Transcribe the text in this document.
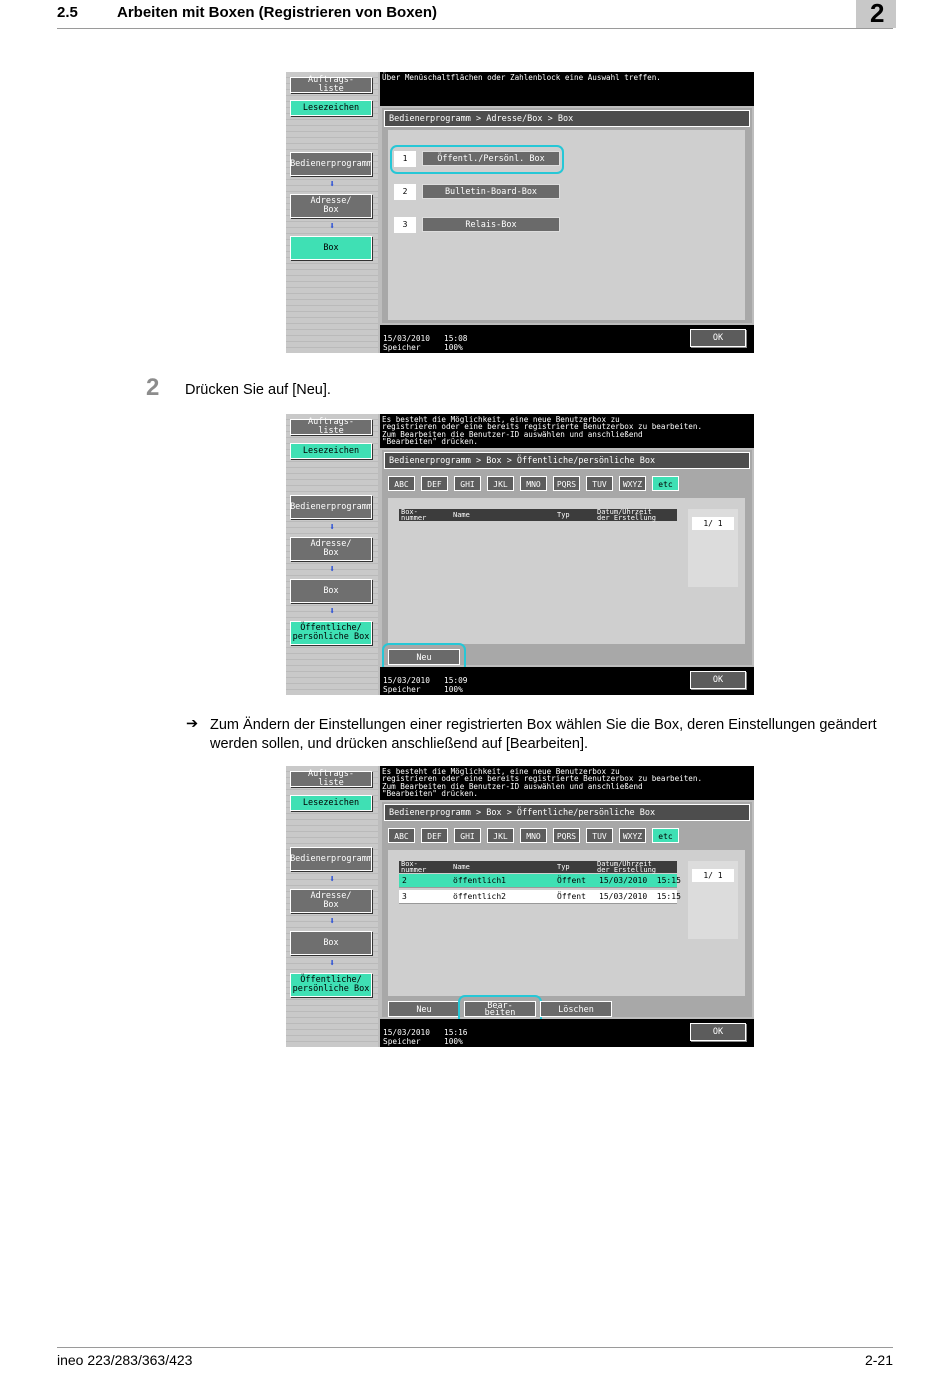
2.5	Arbeiten mit Boxen (Registrieren von Boxen)	2
Auftrags-
liste
Lesezeichen
Bedienerprogramm
⬇
Adresse/
Box
⬇
Box
Über Menüschaltflächen oder Zahlenblock eine Auswahl treffen.
Bedienerprogramm > Adresse/Box > Box
1	Öffentl./Persönl. Box
2	Bulletin-Board-Box
3	Relais-Box
15/03/2010 15:08
Speicher	100%
OK
2 Drücken Sie auf [Neu].
Auftrags-
liste
Lesezeichen
Bedienerprogramm
⬇
Adresse/
Box
⬇
Box
⬇
Öffentliche/
persönliche Box
Es besteht die Möglichkeit, eine neue Benutzerbox zu
registrieren oder eine bereits registrierte Benutzerbox zu bearbeiten.
Zum Bearbeiten die Benutzer-ID auswählen und anschließend
"Bearbeiten" drücken.
Bedienerprogramm > Box > Öffentliche/persönliche Box
ABC	DEF	GHI	JKL	MNO	PQRS	TUV	WXYZ	etc
Box-
nummer	Name	Typ	Datum/Uhrzeit
der Erstellung
1/ 1
Neu
15/03/2010 15:09
Speicher	100%
OK
➔ Zum Ändern der Einstellungen einer registrierten Box wählen Sie die Box, deren Einstellungen geändert werden sollen, und drücken anschließend auf [Bearbeiten].
Auftrags-
liste
Lesezeichen
Bedienerprogramm
⬇
Adresse/
Box
⬇
Box
⬇
Öffentliche/
persönliche Box
Es besteht die Möglichkeit, eine neue Benutzerbox zu
registrieren oder eine bereits registrierte Benutzerbox zu bearbeiten.
Zum Bearbeiten die Benutzer-ID auswählen und anschließend
"Bearbeiten" drücken.
Bedienerprogramm > Box > Öffentliche/persönliche Box
ABC	DEF	GHI	JKL	MNO	PQRS	TUV	WXYZ	etc
Box-
nummer	Name	Typ	Datum/Uhrzeit
der Erstellung
2	öffentlich1	Öffent 15/03/2010  15:15
3	öffentlich2	Öffent 15/03/2010  15:15
1/ 1
Neu	Bear-
beiten	Löschen
15/03/2010 15:16
Speicher	100%
OK
ineo 223/283/363/423	2-21
